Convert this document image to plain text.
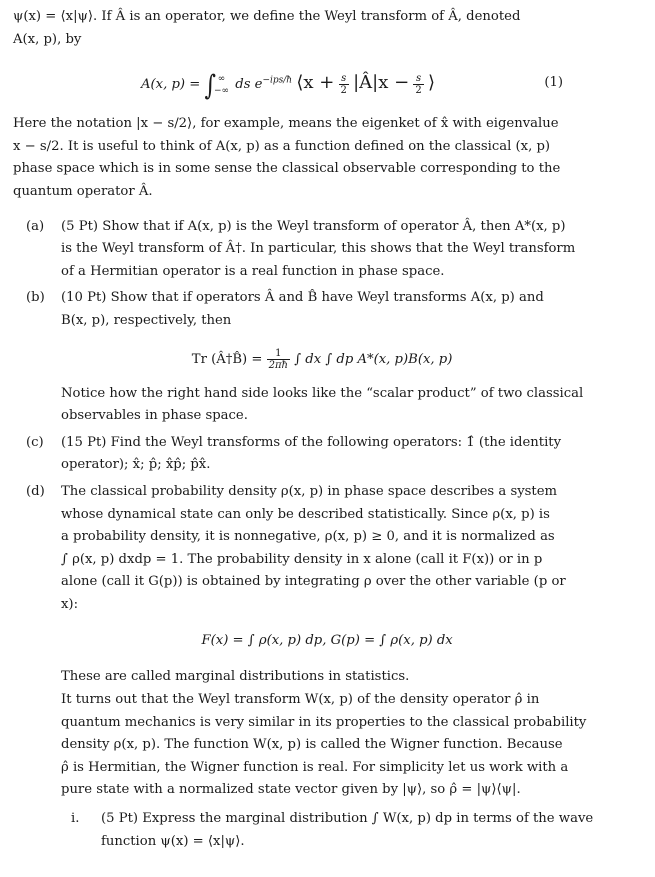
ψ(x) = ⟨x|ψ⟩. If Â is an operator, we define the Weyl transform of Â, denoted
A(x, p), by

A(x, p) = ∫ ∞
−∞ ds $e^{-ips/ħ}$ ⟨x + $\frac{s}{2}$ |Â|x − $\frac{s}{2}$ ⟩	(1)

Here the notation |x − s/2⟩, for example, means the eigenket of x̂ with eigenvalue
x − s/2. It is useful to think of A(x, p) as a function defined on the classical (x, p)
phase space which is in some sense the classical observable corresponding to the
quantum operator Â.

(a)	(5 Pt) Show that if A(x, p) is the Weyl transform of operator Â, then A*(x, p)
is the Weyl transform of Â†. In particular, this shows that the Weyl transform
of a Hermitian operator is a real function in phase space.
(b)	(10 Pt) Show that if operators Â and B̂ have Weyl transforms A(x, p) and
B(x, p), respectively, then
Tr (Â†B̂) = $\frac{1}{2\pi ħ}$ ∫ dx ∫ dp A*(x, p)B(x, p)
Notice how the right hand side looks like the “scalar product” of two classical
observables in phase space.
(c)	(15 Pt) Find the Weyl transforms of the following operators: 1̂ (the identity
operator); x̂; p̂; x̂p̂; p̂x̂.
(d)	The classical probability density ρ(x, p) in phase space describes a system
whose dynamical state can only be described statistically. Since ρ(x, p) is
a probability density, it is nonnegative, ρ(x, p) ≥ 0, and it is normalized as
∫ ρ(x, p) dxdp = 1. The probability density in x alone (call it F(x)) or in p
alone (call it G(p)) is obtained by integrating ρ over the other variable (p or
x):
F(x) = ∫ ρ(x, p) dp, G(p) = ∫ ρ(x, p) dx
These are called marginal distributions in statistics.
It turns out that the Weyl transform W(x, p) of the density operator ρ̂ in
quantum mechanics is very similar in its properties to the classical probability
density ρ(x, p). The function W(x, p) is called the Wigner function. Because
ρ̂ is Hermitian, the Wigner function is real. For simplicity let us work with a
pure state with a normalized state vector given by |ψ⟩, so ρ̂ = |ψ⟩⟨ψ|.
i.	(5 Pt) Express the marginal distribution ∫ W(x, p) dp in terms of the wave
function ψ(x) = ⟨x|ψ⟩.
